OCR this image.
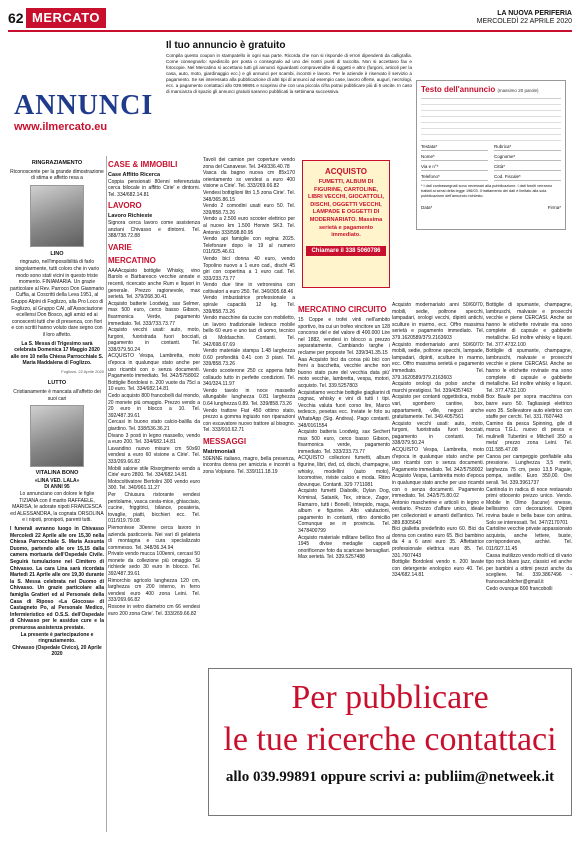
62 MERCATO	LA NUOVA PERIFERIA
MERCOLEDÌ 22 APRILE 2020
ANNUNCI
www.ilmercato.eu
Il tuo annuncio è gratuito

Compila questo coupon in stampatello in ogni sua parte. Ricorda che non si risponde di errori dipendenti da calligrafia. Come consegnarlo: spediscilo per posta o consegnalo ad uno dei nostri punti di raccolta. Non si accettano fax e fotocopie. Nel Mercatino si accettano tutti gli annunci riguardanti compravendite di oggetti e altro (furgoni, articoli per la casa, auto, moto, giardinaggio ecc.) e gli annunci per scambi, incontri e lavoro. Per le aziende è riservato il servizio a pagamento. Se sei interessato alla pubblicazione di altri tipi di annunci ad esempio case, lavoro offerte, auguri, necrologi, ecc. a pagamento contattaci allo 039.99891 e scoprirai che con una piccola cifra potrai pubblicare più di 5 uscite. In caso di mancanza di spazio gli annunci gratuiti saranno pubblicati la settimana successiva.	Testo dell'annuncio (massimo 20 parole)
Testata*	Rubrica*
Nome*	Cognome*
Via e n°*	Città*
Telefono*	Cod. Fiscale*
* I dati contrassegnati sono necessari alla pubblicazione. I dati forniti verranno trattati ai sensi della legge 196/03. Il trattamento dei dati è limitato alla sola pubblicazione dell'annuncio richiesto.
Data*	Firma*
RINGRAZIAMENTO
Riconoscente per la grande dimostrazione di stima e affetto resa a
LINO
ringrazio, nell'impossibilità di farlo singolarmente, tutti coloro che in vario modo sono stati vicini in questo triste momento. FINIAMARIA. Un grazie particolare al Rev. Parroco Don Gianmario Cuffia, ai Coscritti della Leva 1951, al Gruppo Alpini di Foglizzo, alla Pro Loco di Foglizzo, al Gruppo CAI, all'Associazione ecellensi Don Bosco, agli amici ed ai conoscenti tutti che di presenza, con fiori e con scritti hanno voluto dare segno con il loro affetto.
La S. Messa di Trigesimo sarà celebrata Domenica 17 Maggio 2020 alle ore 10 nella Chiesa Parrocchiale S. Maria Maddalena di Foglizzo.
Foglizzo, 22 Aprile 2020
LUTTO
Cristianamente è mancata all'affetto dei suoi cari
VITALINA BONO
«LINA VED. LALA»
DI ANNI 95
Lo annunciano con dolore le figlie TIZIANA con il marito RAFFAELE, MARISA, le adorate nipoti FRANCESCA ed ALESSANDRA, la cognata ORSOLINA e i nipoti, pronipoti, parenti tutti.
I funerali avranno luogo in Chivasso Mercoledì 22 Aprile alle ore 15,30 nella Chiesa Parrocchiale S. Maria Assunta Duomo, partendo alle ore 15,15 dalla camera mortuaria dell'Ospedale Civile. Seguirà tumulazione nel Cimitero di Chivasso. La cara Lina sarà ricordata Martedì 21 Aprile alle ore 19,30 durante la S. Messa celebrata nel Duomo di Chivasso. Un grazie particolare alla famiglia Gratteri ed al Personale della Casa di Riposo «La Giocosa» di Castagneto Po, al Personale Medico, Infermieristico ed O.S.S. dell'Ospedale di Chivasso per le assidue cure e la premurosa assistenza prestate.
La presente è partecipazione e ringraziamento.
Chivasso (Ospedale Civico), 20 Aprile 2020
CASE & IMMOBILI
Case Affitto Ricerca
Coppia pensionati 80enni referenziata cerca bilocale in affitto Cirie' e dintorni. Tel. 334/682.14.81
LAVORO
Lavoro Richieste
Signora cerca lavoro come assistenza anziani Chivasso e dintorni. Tel. 388/738.72.88
VARIE
MERCATINO
AAAAcquisto bottiglie Whisky, vino Barolo e Barbaresco vecchie annate e recenti, ricercato anche Rum e liquori in generale. Prezzo ragionevole, max serietà. Tel. 379/268.30.41
Acquisto batterie Loodwig, sax Selmer, max 500 euro, cerco basso Gibson, fisarmonica Verde, pagamento immediato. Tel. 333/733.73.77
Acquisto vecchi usati: auto, moto, furgoni, fuoristrada fuori bocciati, pagamento in contanti. Tel. 338/379.50.24
ACQUISTO Vespa, Lambretta, moto d'epoca in qualunque stato anche per uso ricambi con o senza documenti. Pagamento immediato. Tel. 342/5758002
Bottiglie Bordolesi n. 200 vuote da 75cl a 10 euro. Tel. 334/682.14.81
Cedo acquisto 800 francobolli dal mondo, 20 monete più omaggio. Prezzo vendo a 20 euro in blocco a 10. Tel. 392/487.39.61
Cercasi in buono stato calcio-balilla da giardino. Tel. 338/536.36.21
Divano 3 posti in legno massello, vendo a euro 200. Tel. 334/682.14.81
Lavandino nuovo misure cm 50x60 vendesi a euro 60 visione a Cirie'. Tel. 333/269.66.82
Mobili salone stile Risorgimento vendo a Cirie' euro 2800. Tel. 334/682.14.81
Motocoltivatore Bertolini 300 vendo euro 300. Tel. 340/961.11.27
Per Chiusura ristorante vendesi pentolame, vasca cesta-mice, ghiacciaio, cucine, friggitrici, bilance, posateria, tovaglie, piatti, bicchieri ecc. Tel. 011/919.79.08
Piemontese 30enne cerca lavoro in azienda pasticceria. Nei vari di gelateria di montagna e cura specializzato commesso. Tel. 348/36.34.94
Privato vendo mucca 100enni, cercasi 50 monete da collezione più omaggio. Si richiede sedo 30 euro in blocco. Tel. 392/487.39.61
Rimorchio agricolo lunghezza 120 cm, larghezza cm 200 interno, in ferro vendesi euro 400 zona Leini. Tel. 333/269.66.82
Rosone in vetro diametro cm 66 vendesi euro 200 zona Cirie'. Tel. 333/269.66.82
Tavoli dei camion per coperture vendo zona del Canavese. Tel. 349/336.40.78
Vasca da bagno nuova cm 85x170 orientamento sx vendesi a euro 400 visione a Cirie'. Tel. 333/269.66.82
Vendesi bottiglioni litri 1,5 zona Cirie'. Tel. 348/365.86.15
Vendo 2 comodini usati euro 50. Tel. 339/858.73.26
Vendo a 2.500 euro scooter elettrico per al nuovo km 1.500 Horwin SK3. Tel. Antonio 333/598.80.95
Vendo api famiglie con regina 2025. Telefonare dopo le 19 al numero 011/925.46.61
Vendo bici donna 40 euro, vendo Topolino nuovo a 1 euro cad., dischi 45 giri con copertina a 1 euro cad. Tel. 333/233.73.77
Vendo due tine in vetroresina con coltivatori a euro 250. Tel. 349/305.68.46
Vendo imbustatrice professionale a spirale capacità 12 kg. Tel. 339/858.73.26
Vendo macchine da cucire con mobiletto, un lavoro tradizionale ledesco mobile bello 60 euro e uno taci di uomo, tecnico di Moldaschin. Contanti. Tel. 342/698.67.69
Vendo materiale stampa 1.48 larghezza 0.60 profondità 0.41 con 3 piani. Tel. 339/858.73.26
Vendo scooterone 250 cc appena fatto collaudo tutto in perfette condizioni. Tel. 340/324.11.97
Vendo tavolo in noce massello allungabile lunghezza 0.81 larghezza 0.64 lunghezza 0.89. Tel. 339/858.73.26
Vendo trattore Fiat 450 ottimo stato, prezzo a gomma ingiusto non riparazioni con escavatore nuovo trattore al bisogno. Tel. 333/910.62.71
MESSAGGI
Matrimoniali
50ENNE italiano, magro, bella presenza, incontra donna per amicizia e incontri a zona Volpiano. Tel. 339/111.18.19
ACQUISTO
FUMETTI, ALBUM DI FIGURINE, CARTOLINE, LIBRI VECCHI, GIOCATTOLI, DISCHI, OGGETTI VECCHI, LAMPADE E OGGETTI DI MODERNARIATO. Massima serietà e pagamento immediato.
Chiamare il 338 5060786
MERCATINO CIRCUITO
15 Coppe e trofei vinti nell'ambito sportivo, tra cui un trofeo vincitore un 128 concorso del e del valore di 400.000 Lire nel 1882, vendesi in blocco a prezzo separatamente. Cambiando targhe i reclame per proposte Tel. 339/341.35.15
Aaa Acquisto bici da corsa più bici con freni a bacchetta, vecchie anche non buono stato pure del vecchia data più' moto vecchie, lambretta, vespa, motori, acquisto. Tel. 339.5257803
Acquistiamo vecchie bottiglie giagliarini di cognac, whisky e vini di tutti i tipi. Vecchia valuta fuori corso lire, Marco tedesco, pesetas ecc. Inviate le foto su WhatsApp (Sig. Andrea). Pago contanti. 348/0161554
Acquisto batteria Loodwig, sax Sechert max 500 euro, cerco basso Gibson, fisarmonica verde, pagamento immediato. Tel. 333/233.73.77
ACQUISTO collezioni fumetti, album figurine, libri, dvd, cd, dischi, champagne, whisky, modellini (auto moto), locomotive, riviste calcio e moda. Ritiro dovunque. Contanti. 329 7711081
Acquisto fumetti Diabolik, Dylan Dog, Kriminal, Satanik, Tex, strisce, Zagor, Ramarro, tutti i Bonelli, Intrepido, maga, album e figurine. Alto valutazioni, pagamento in contanti, ritiro domicilio Comunque se in provincia. Tel. 3478400799
Acquisto materiale militare bellico fino al 1945 divise medaglie cappelli onorificenze foto da scaricare bersagliari. Max serietà. Tel. 339.5257488
Acquisto modernariato anni 50/60/70, mobili, sedie, poltrone specchi, lampadari, orologi vecchi, dipinti antichi, sculture in marmo, ecc. Offro massima serietà e pagamento immediato. Tel. 379.1620589/379.2163603
Acquisto modernariato anni 50/60/70: mobili, sedie, poltrone specchi, lampade, lampadari, dipinti, sculture in marmo, ecc. Offro massima serietà e pagamento immediato. Tel. 379.1620589/379.2163603
Acquisto orologi da polso anche di marchi prestigiosi. Tel. 339/4357463
Acquisto per contanti oggettistica, mobili vari, sgombero cantine, box, appartamenti, ville, negozi anche gratuitamente. Tel. 349.4057561
Acquisto vecchi usati: auto, moto, furgoni, fuoristrada fuori bocciati, pagamento in contanti. Tel. 338/379.50.24
ACQUISTO Vespa, Lambretta, moto d'epoca in qualunque stato anche per uso ricambi con o senza documenti. Pagamento immediato. Tel. 342/5758002
Acquisto Vespa, Lambretta moto d'epoca in qualunque stato anche per uso ricambi con o senza documenti. Pagamento immediato. Tel. 342/575.80.02
Antonio mascherine e articoli in legno e vestiario. Prezzo d'affare unico, ideale per collezionisti e amanti dell'antico. Tel. 389.8305643
Bici gialletta predefinito euro 60. Bici da donna con cestino euro 65. Bici bambino da 4 a 6 anni euro 35. Affettatrice professionale elettrica euro 85. Tel. 331.7607443
Bottiglie Bordolesi vendo n. 200 lavate con detergente enologico euro 40. Tel. 334/682.14.81
Bottiglie di spumante, champagne, lambruschi, malvasie e prosecchi vecchie e piene CERCASI. Anche se hanno le etichette rovinate ma sono complete di capsule e gabbiette metalliche. Ed inoltre whisky e liquori. Tel. 377.4732.100
Bottiglie di spumante, champagne, lambruschi, malvasie e prosecchi vecchie e piene CERCASI. Anche se hanno le etichette rovinate ma sono complete di capsule e gabbiette metalliche. Ed inoltre whisky e liquori. Tel. 377.4732.100
Box Baule per sopra macchina con barre euro 50. Tagliasiepi elettrico euro 35. Sollevatore auto elettrico con staffe per cerchi. Tel. 331.7607443
Camino da pesca Spinning, gile di marca T.G.L. nuovo di pesca e mulinelli Tubertini e Mitchell 350 a meta' prezzo zona Leini. Tel. 011.585.47.08
Canoa per campeggio gonfiabile alta pressione. Lunghezza 3,5 metri, larghezza 75 cm, peso 13,5 Pagaie, pompa, sedile. Euro 350,00. Ore serali. Tel. 339.3961737
Cantinola in radica di noce restaurato primi ottocento prezzo unico. Vendo. Mobile in Olmo (lacune) onesse, bellissimo con decorazioni. Dipinti rovina baule e bella base con antina. Solo se interessati. Tel. 347/2170701
Cartoline vecchie private appassionato acquista, anche lettere, buste, corrispondenze, archivi. Tel. 011/927.11.45
Cassa inutilizzo vendo molti cd di vario tipo rock blues jazz, classici ed anche per bambini a ottimi prezzi anche da scegliere. Tel. 339.3867496 - francescafolcher@gmail.it
Cedo ovunque 800 francobolli
Per pubblicare
le tue ricerche contattaci
allo 039.99891 oppure scrivi a: publiim@netweek.it
